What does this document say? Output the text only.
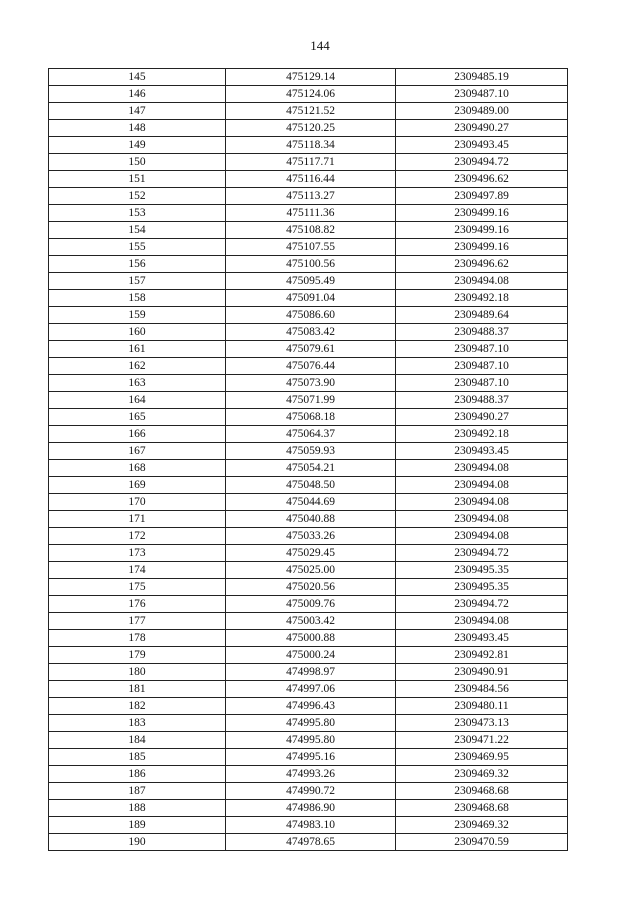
144
145	475129.14	2309485.19
146	475124.06	2309487.10
147	475121.52	2309489.00
148	475120.25	2309490.27
149	475118.34	2309493.45
150	475117.71	2309494.72
151	475116.44	2309496.62
152	475113.27	2309497.89
153	475111.36	2309499.16
154	475108.82	2309499.16
155	475107.55	2309499.16
156	475100.56	2309496.62
157	475095.49	2309494.08
158	475091.04	2309492.18
159	475086.60	2309489.64
160	475083.42	2309488.37
161	475079.61	2309487.10
162	475076.44	2309487.10
163	475073.90	2309487.10
164	475071.99	2309488.37
165	475068.18	2309490.27
166	475064.37	2309492.18
167	475059.93	2309493.45
168	475054.21	2309494.08
169	475048.50	2309494.08
170	475044.69	2309494.08
171	475040.88	2309494.08
172	475033.26	2309494.08
173	475029.45	2309494.72
174	475025.00	2309495.35
175	475020.56	2309495.35
176	475009.76	2309494.72
177	475003.42	2309494.08
178	475000.88	2309493.45
179	475000.24	2309492.81
180	474998.97	2309490.91
181	474997.06	2309484.56
182	474996.43	2309480.11
183	474995.80	2309473.13
184	474995.80	2309471.22
185	474995.16	2309469.95
186	474993.26	2309469.32
187	474990.72	2309468.68
188	474986.90	2309468.68
189	474983.10	2309469.32
190	474978.65	2309470.59
